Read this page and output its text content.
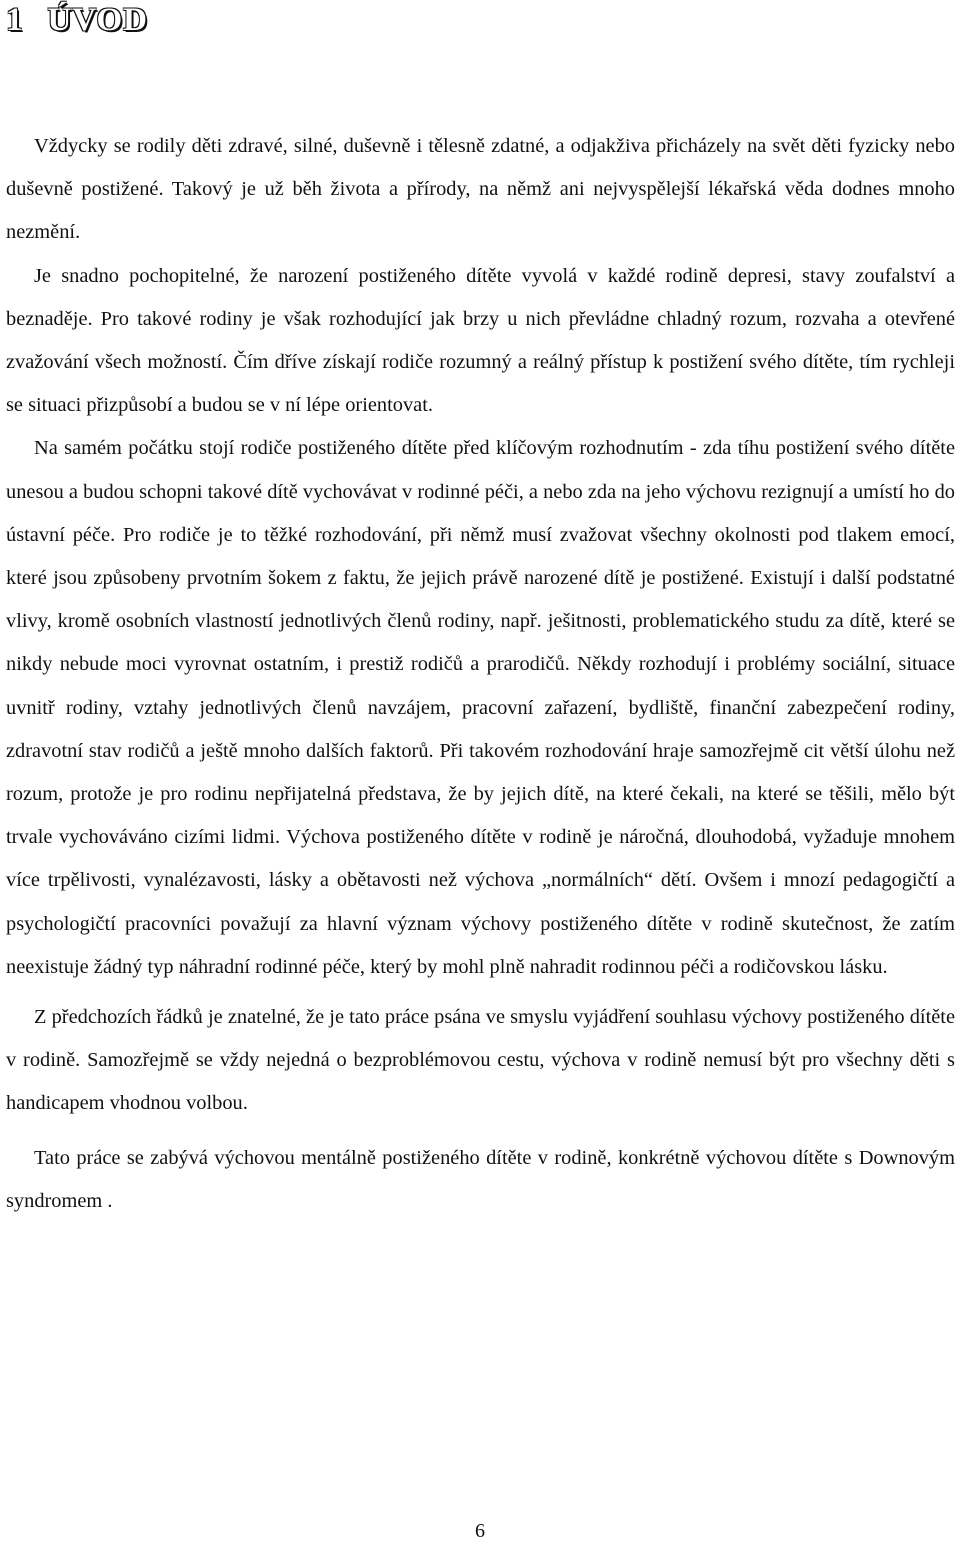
1 ÚVOD

Vždycky se rodily děti zdravé, silné, duševně i tělesně zdatné, a odjakživa přicházely na svět děti fyzicky nebo duševně postižené. Takový je už běh života a přírody, na němž ani nejvyspělejší lékařská věda dodnes mnoho nezmění.

Je snadno pochopitelné, že narození postiženého dítěte vyvolá v každé rodině depresi, stavy zoufalství a beznaděje. Pro takové rodiny je však rozhodující jak brzy u nich převládne chladný rozum, rozvaha a otevřené zvažování všech možností. Čím dříve získají rodiče rozumný a reálný přístup k postižení svého dítěte, tím rychleji se situaci přizpůsobí a budou se v ní lépe orientovat.

Na samém počátku stojí rodiče postiženého dítěte před klíčovým rozhodnutím - zda tíhu postižení svého dítěte unesou a budou schopni takové dítě vychovávat v rodinné péči, a nebo zda na jeho výchovu rezignují a umístí ho do ústavní péče. Pro rodiče je to těžké rozhodování, při němž musí zvažovat všechny okolnosti pod tlakem emocí, které jsou způsobeny prvotním šokem z faktu, že jejich právě narozené dítě je postižené. Existují i další podstatné vlivy, kromě osobních vlastností jednotlivých členů rodiny, např. ješitnosti, problematického studu za dítě, které se nikdy nebude moci vyrovnat ostatním, i prestiž rodičů a prarodičů. Někdy rozhodují i problémy sociální, situace uvnitř rodiny, vztahy jednotlivých členů navzájem, pracovní zařazení, bydliště, finanční zabezpečení rodiny, zdravotní stav rodičů a ještě mnoho dalších faktorů. Při takovém rozhodování hraje samozřejmě cit větší úlohu než rozum, protože je pro rodinu nepřijatelná představa, že by jejich dítě, na které čekali, na které se těšili, mělo být trvale vychováváno cizími lidmi. Výchova postiženého dítěte v rodině je náročná, dlouhodobá, vyžaduje mnohem více trpělivosti, vynalézavosti, lásky a obětavosti než výchova „normálních“ dětí. Ovšem i mnozí pedagogičtí a psychologičtí pracovníci považují za hlavní význam výchovy postiženého dítěte v rodině skutečnost, že zatím neexistuje žádný typ náhradní rodinné péče, který by mohl plně nahradit rodinnou péči a rodičovskou lásku.

Z předchozích řádků je znatelné, že je tato práce psána ve smyslu vyjádření souhlasu výchovy postiženého dítěte v rodině. Samozřejmě se vždy nejedná o bezproblémovou cestu, výchova v rodině nemusí být pro všechny děti s handicapem vhodnou volbou.

Tato práce se zabývá výchovou mentálně postiženého dítěte v rodině, konkrétně výchovou dítěte s Downovým syndromem .

6
